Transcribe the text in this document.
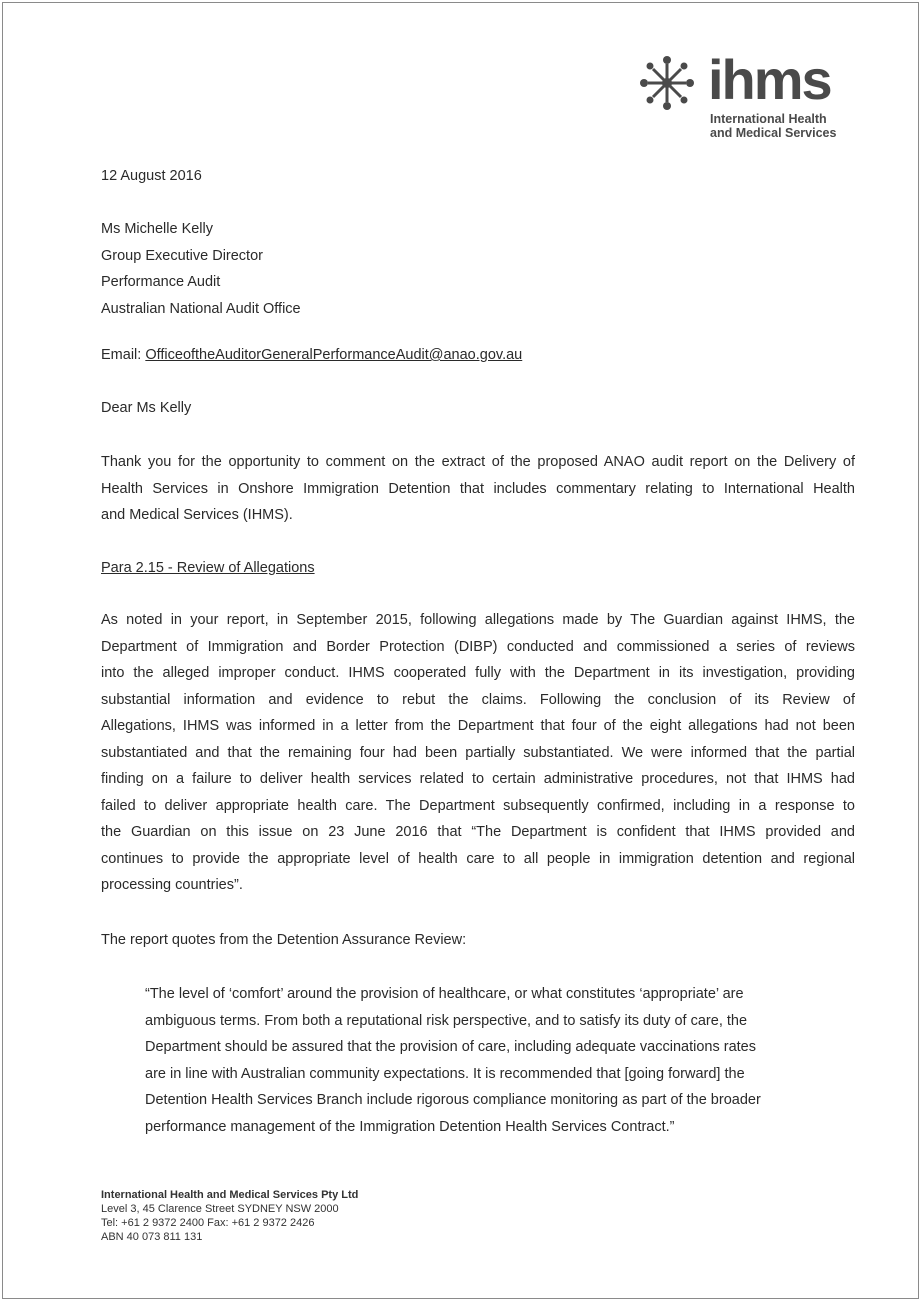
ihms
International Health
and Medical Services
12 August 2016
Ms Michelle Kelly
Group Executive Director
Performance Audit
Australian National Audit Office
Email: OfficeoftheAuditorGeneralPerformanceAudit@anao.gov.au
Dear Ms Kelly
Thank you for the opportunity to comment on the extract of the proposed ANAO audit report on the Delivery of
Health Services in Onshore Immigration Detention that includes commentary relating to International Health
and Medical Services (IHMS).
Para 2.15 - Review of Allegations
As noted in your report, in September 2015, following allegations made by The Guardian against IHMS, the
Department of Immigration and Border Protection (DIBP) conducted and commissioned a series of reviews
into the alleged improper conduct. IHMS cooperated fully with the Department in its investigation, providing
substantial information and evidence to rebut the claims. Following the conclusion of its Review of
Allegations, IHMS was informed in a letter from the Department that four of the eight allegations had not been
substantiated and that the remaining four had been partially substantiated. We were informed that the partial
finding on a failure to deliver health services related to certain administrative procedures, not that IHMS had
failed to deliver appropriate health care. The Department subsequently confirmed, including in a response to
the Guardian on this issue on 23 June 2016 that “The Department is confident that IHMS provided and
continues to provide the appropriate level of health care to all people in immigration detention and regional
processing countries”.
The report quotes from the Detention Assurance Review:
“The level of ‘comfort’ around the provision of healthcare, or what constitutes ‘appropriate’ are
ambiguous terms. From both a reputational risk perspective, and to satisfy its duty of care, the
Department should be assured that the provision of care, including adequate vaccinations rates
are in line with Australian community expectations. It is recommended that [going forward] the
Detention Health Services Branch include rigorous compliance monitoring as part of the broader
performance management of the Immigration Detention Health Services Contract.”
International Health and Medical Services Pty Ltd
Level 3, 45 Clarence Street SYDNEY NSW 2000
Tel: +61 2 9372 2400 Fax: +61 2 9372 2426
ABN 40 073 811 131
